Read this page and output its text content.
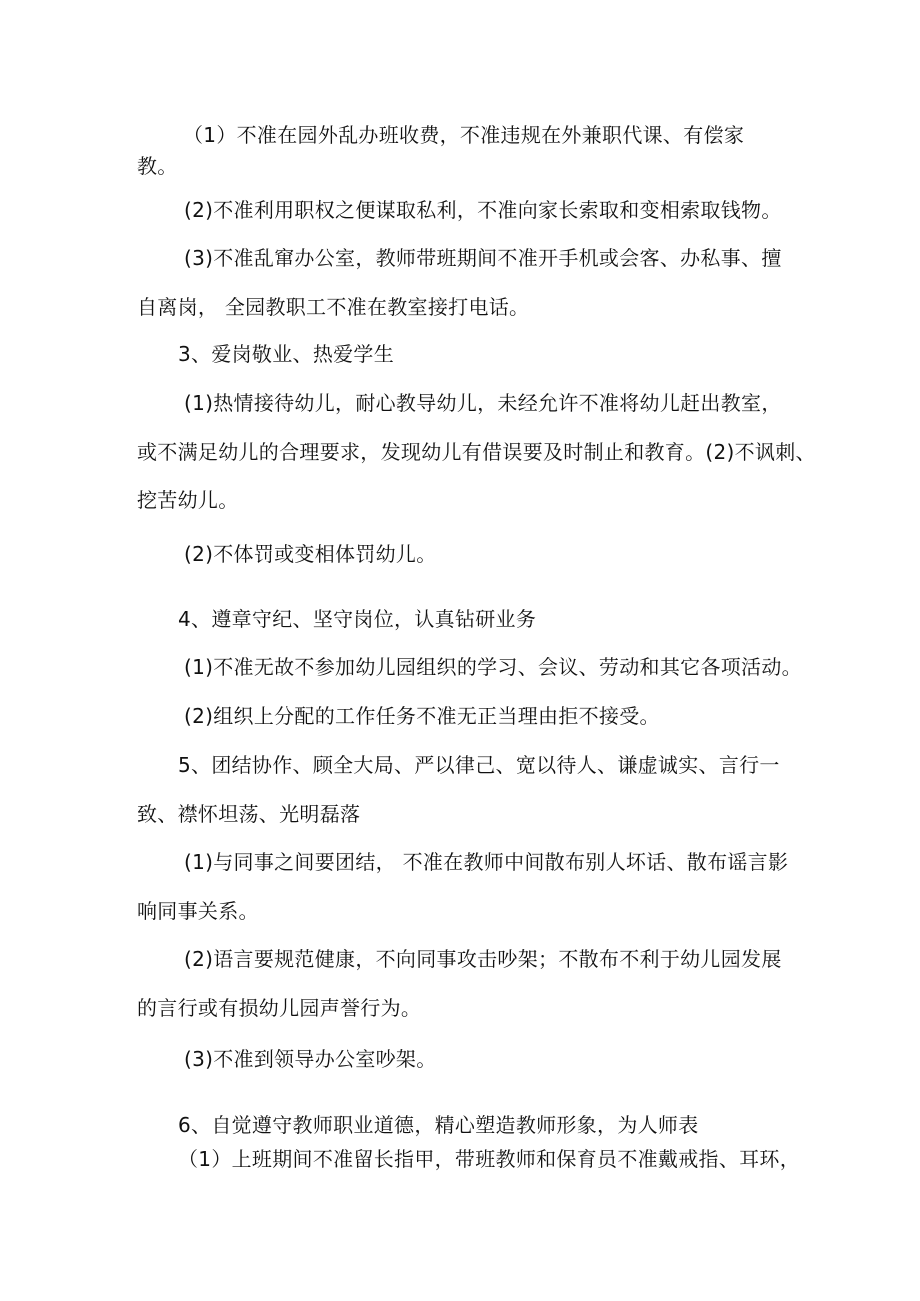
（1）不准在园外乱办班收费，不准违规在外兼职代课、有偿家
教。
(2)不准利用职权之便谋取私利，不准向家长索取和变相索取钱物。
(3)不准乱窜办公室，教师带班期间不准开手机或会客、办私事、擅
自离岗， 全园教职工不准在教室接打电话。
3、爱岗敬业、热爱学生
(1)热情接待幼儿，耐心教导幼儿，未经允许不准将幼儿赶出教室，
或不满足幼儿的合理要求，发现幼儿有借误要及时制止和教育。(2)不讽刺、
挖苦幼儿。
(2)不体罚或变相体罚幼儿。
4、遵章守纪、坚守岗位，认真钻研业务
(1)不准无故不参加幼儿园组织的学习、会议、劳动和其它各项活动。
(2)组织上分配的工作任务不准无正当理由拒不接受。
5、团结协作、顾全大局、严以律己、宽以待人、谦虚诚实、言行一
致、襟怀坦荡、光明磊落
(1)与同事之间要团结， 不准在教师中间散布别人坏话、散布谣言影
响同事关系。
(2)语言要规范健康，不向同事攻击吵架；不散布不利于幼儿园发展
的言行或有损幼儿园声誉行为。
(3)不准到领导办公室吵架。
6、自觉遵守教师职业道德，精心塑造教师形象，为人师表
（1）上班期间不准留长指甲，带班教师和保育员不准戴戒指、耳环，
